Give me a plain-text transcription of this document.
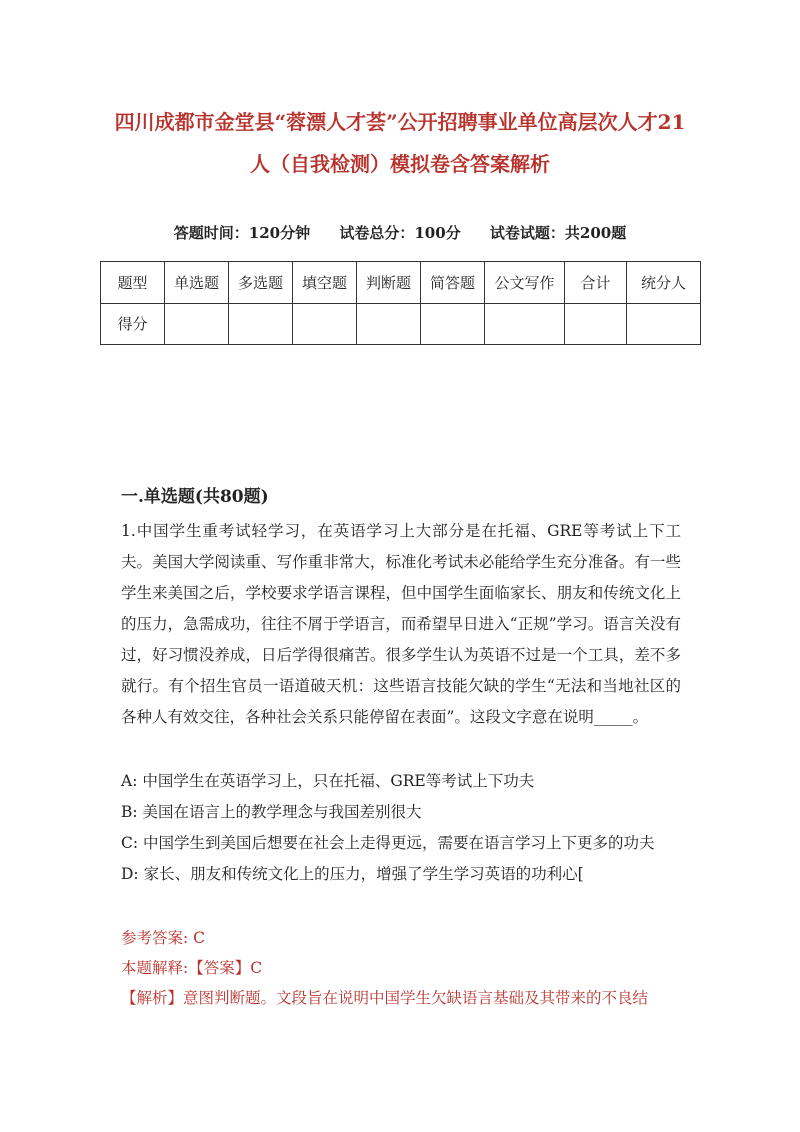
四川成都市金堂县“蓉漂人才荟”公开招聘事业单位高层次人才21
人（自我检测）模拟卷含答案解析
答题时间：120分钟 试卷总分：100分 试卷试题：共200题
题型	单选题	多选题	填空题	判断题	简答题	公文写作	合计	统分人
得分								
一.单选题(共80题)
1.中国学生重考试轻学习，在英语学习上大部分是在托福、GRE等考试上下工夫。美国大学阅读重、写作重非常大，标准化考试未必能给学生充分准备。有一些学生来美国之后，学校要求学语言课程，但中国学生面临家长、朋友和传统文化上的压力，急需成功，往往不屑于学语言，而希望早日进入“正规”学习。语言关没有过，好习惯没养成，日后学得很痛苦。很多学生认为英语不过是一个工具，差不多就行。有个招生官员一语道破天机：这些语言技能欠缺的学生“无法和当地社区的各种人有效交往，各种社会关系只能停留在表面”。这段文字意在说明_____。
A: 中国学生在英语学习上，只在托福、GRE等考试上下功夫
B: 美国在语言上的教学理念与我国差别很大
C: 中国学生到美国后想要在社会上走得更远，需要在语言学习上下更多的功夫
D: 家长、朋友和传统文化上的压力，增强了学生学习英语的功利心[
参考答案: C
本题解释:【答案】C
【解析】意图判断题。文段旨在说明中国学生欠缺语言基础及其带来的不良结
